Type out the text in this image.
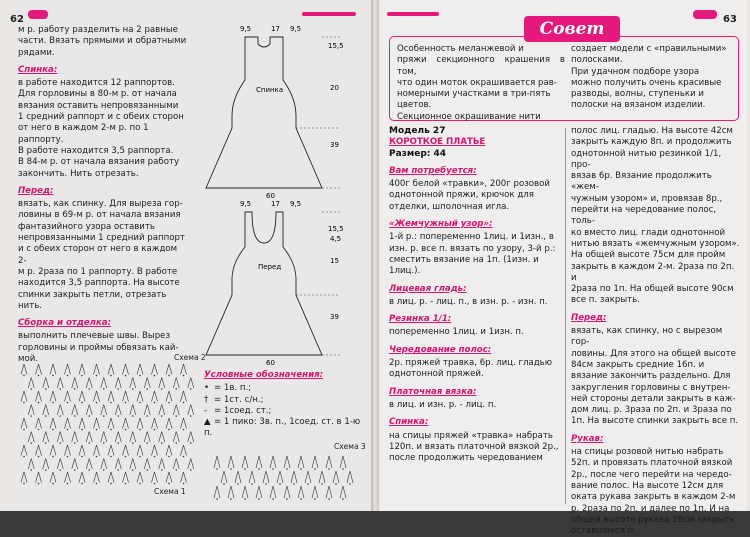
62
м р. работу разделить на 2 равные
части. Вязать прямыми и обратными
рядами.

Спинка:
в работе находится 12 раппортов.
Для горловины в 80-м р. от начала
вязания оставить непровязанными
1 средний раппорт и с обеих сторон
от него в каждом 2-м р. по 1 раппорту.
В работе находится 3,5 раппорта.
В 84-м р. от начала вязания работу
закончить. Нить отрезать.

Перед:
вязать, как спинку. Для выреза гор-
ловины в 69-м р. от начала вязания
фантазийного узора оставить
непровязанными 1 средний раппорт
и с обеих сторон от него в каждом 2-
м р. 2раза по 1 раппорту. В работе
находится 3,5 раппорта. На высоте
спинки закрыть петли, отрезать
нить.

Сборка и отделка:
выполнить плечевые швы. Вырез
горловины и проймы обвязать кай-
мой.
9,5	17 9,5
15,5
20
39
Спинка
60
9,5	17 9,5
15,5
4,5
15
39
Перед
60
Схема 2
Схема 1
Условные обозначения:
•= 1в. п.;
†= 1ст. с/н.;
-= 1соед. ст.;
▲= 1 пико: 3в. п., 1соед. ст. в 1-ю п.
Схема 3
63
Совет
Особенность меланжевой и
пряжи секционного крашения в том,
что один моток окрашивается рав-
номерными участками в три-пять
цветов.
Секционное окрашивание нити
создает модели с «правильными»
полосками.
При удачном подборе узора
можно получить очень красивые
разводы, волны, ступеньки и
полоски на вязаном изделии.
Модель 27
КОРОТКОЕ ПЛАТЬЕ
Размер: 44

Вам потребуется:
400г белой «травки», 200г розовой
однотонной пряжи, крючок для
отделки, шполочная игла.

«Жемчужный узор»:
1-й р.: попеременно 1лиц. и 1изн., в
изн. р. все п. вязать по узору, 3-й р.:
сместить вязание на 1п. (1изн. и
1лиц.).

Лицевая гладь:
в лиц. р. - лиц. п., в изн. р. - изн. п.

Резинка 1/1:
попеременно 1лиц. и 1изн. п.

Чередование полос:
2р. пряжей травка, 6р. лиц. гладью
однотонной пряжей.

Платочная вязка:
в лиц. и изн. р. - лиц. п.

Спинка:
на спицы пряжей «травка» набрать
120п. и вязать платочной вязкой 2р.,
после продолжить чередованием
полос лиц. гладью. На высоте 42см
закрыть каждую 8п. и продолжить
однотонной нитью резинкой 1/1, про-
вязав 6р. Вязание продолжить «жем-
чужным узором» и, провязав 8р.,
перейти на чередование полос, толь-
ко вместо лиц. глади однотонной
нитью вязать «жемчужным узором».
На общей высоте 75см для пройм
закрыть в каждом 2-м. 2раза по 2п. и
2раза по 1п. На общей высоте 90см
все п. закрыть.

Перед:
вязать, как спинку, но с вырезом гор-
ловины. Для этого на общей высоте
84см закрыть средние 16п. и
вязание закончить раздельно. Для
закругления горловины с внутрен-
ней стороны детали закрыть в каж-
дом лиц. р. 3раза по 2п. и 3раза по
1п. На высоте спинки закрыть все п.

Рукав:
на спицы розовой нитью набрать
52п. и провязать платочной вязкой
2р., после чего перейти на чередо-
вание полос. На высоте 12см для
оката рукава закрыть в каждом 2-м
р. 2раза по 2п. и далее по 1п. И на
общей высоте рукава 28см закрыть
оставшиеся п.
